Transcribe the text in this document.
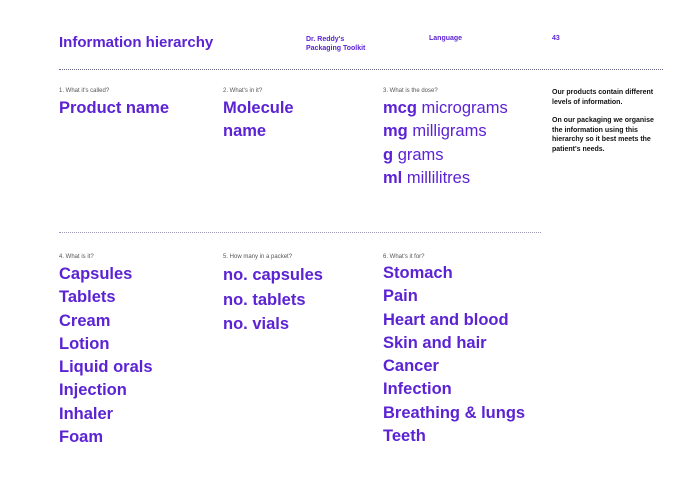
Information hierarchy	Dr. Reddy's
Packaging Toolkit
Language	43
1. What it's called?
Product name
2. What's in it?
Molecule
name
3. What is the dose?
mcg micrograms
mg milligrams
g grams
ml millilitres

Our products contain different levels of information.

On our packaging we organise the information using this hierarchy so it best meets the patient's needs.

4. What is it?
Capsules
Tablets
Cream
Lotion
Liquid orals
Injection
Inhaler
Foam
5. How many in a packet?
no. capsules
no. tablets
no. vials
6. What's it for?
Stomach
Pain
Heart and blood
Skin and hair
Cancer
Infection
Breathing & lungs
Teeth
